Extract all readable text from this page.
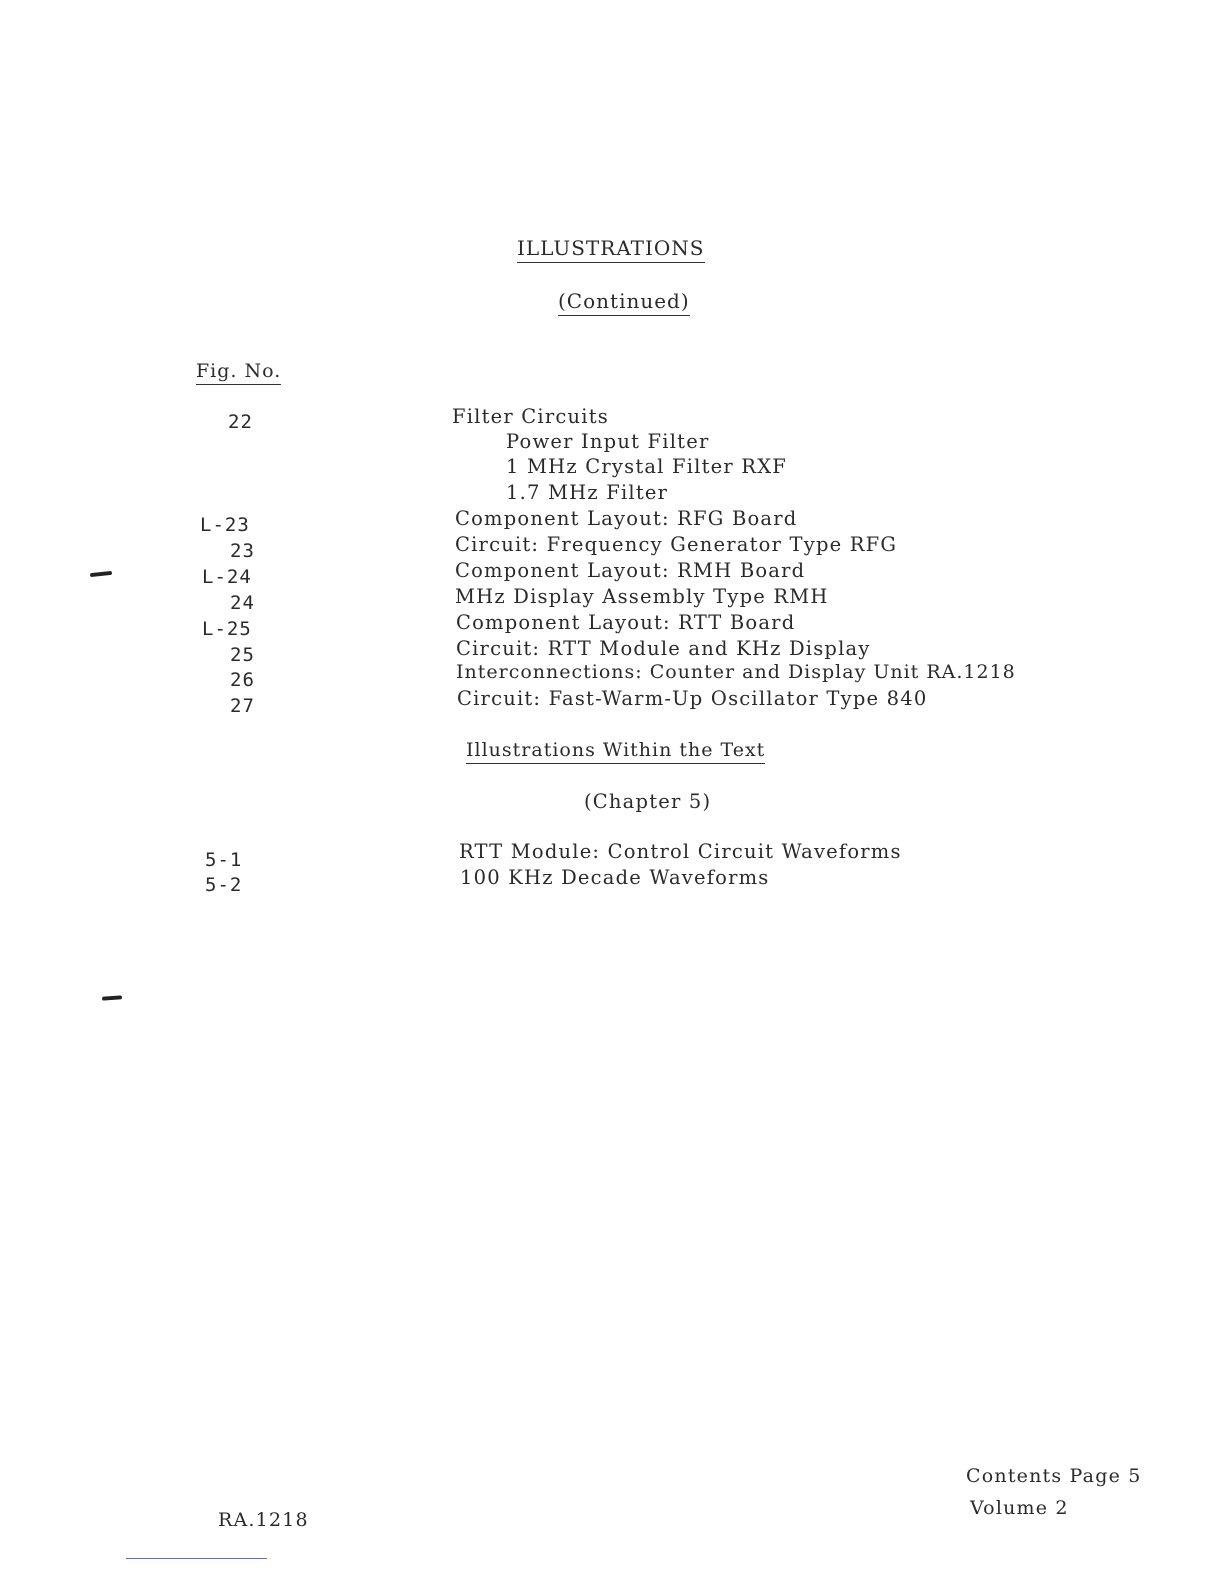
ILLUSTRATIONS
(Continued)
Fig. No.
22
L-23
23
L-24
24
L-25
25
26
27
Filter Circuits
Power Input Filter
1 MHz Crystal Filter RXF
1.7 MHz Filter
Component Layout: RFG Board
Circuit: Frequency Generator Type RFG
Component Layout: RMH Board
MHz Display Assembly Type RMH
Component Layout: RTT Board
Circuit: RTT Module and KHz Display
Interconnections: Counter and Display Unit RA.1218
Circuit: Fast-Warm-Up Oscillator Type 840
Illustrations Within the Text
(Chapter 5)
5-1
5-2
RTT Module: Control Circuit Waveforms
100 KHz Decade Waveforms
RA.1218
Contents Page 5
Volume 2
